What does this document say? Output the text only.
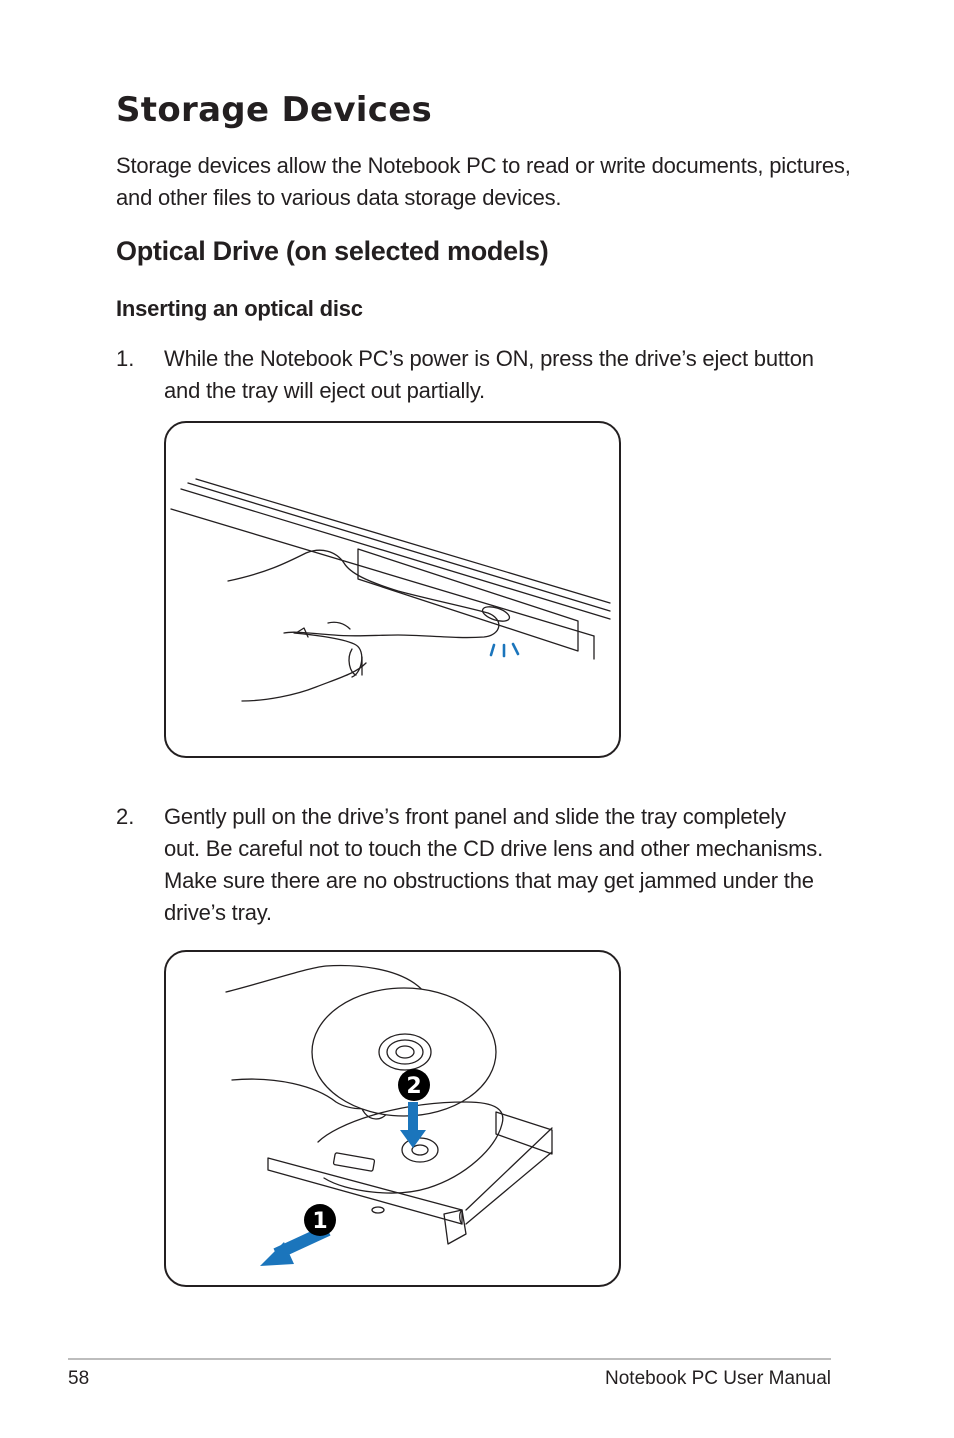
Storage Devices

Storage devices allow the Notebook PC to read or write documents, pictures, and other files to various data storage devices.

Optical Drive (on selected models)
Inserting an optical disc
1. While the Notebook PC’s power is ON, press the drive’s eject button and the tray will eject out partially.

2. Gently pull on the drive’s front panel and slide the tray completely out. Be careful not to touch the CD drive lens and other mechanisms. Make sure there are no obstructions that may get jammed under the drive’s tray.

2
1
58	Notebook PC User Manual
